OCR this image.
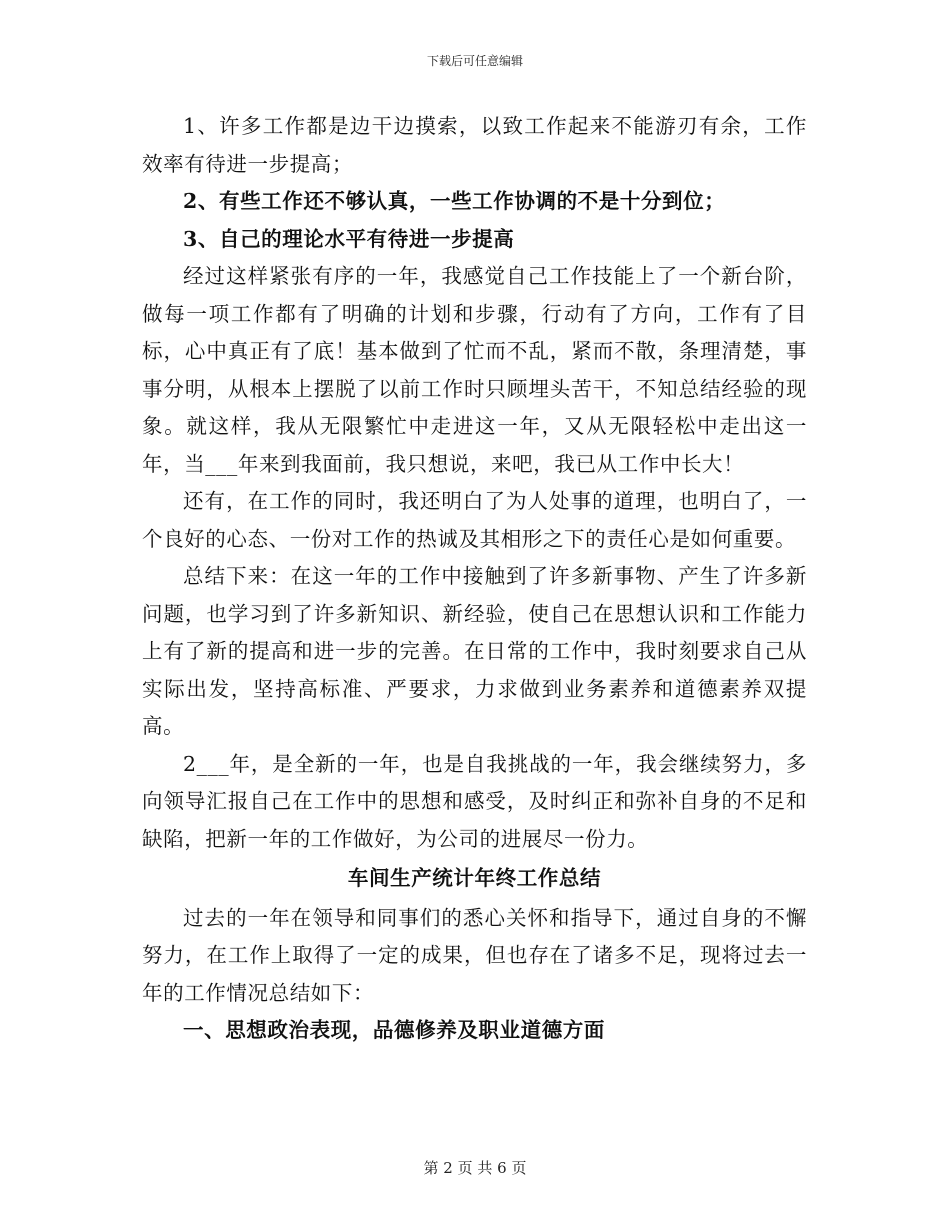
下载后可任意编辑

1、许多工作都是边干边摸索，以致工作起来不能游刃有余，工作效率有待进一步提高；

2、有些工作还不够认真，一些工作协调的不是十分到位；

3、自己的理论水平有待进一步提高

经过这样紧张有序的一年，我感觉自己工作技能上了一个新台阶，做每一项工作都有了明确的计划和步骤，行动有了方向，工作有了目标，心中真正有了底！基本做到了忙而不乱，紧而不散，条理清楚，事事分明，从根本上摆脱了以前工作时只顾埋头苦干，不知总结经验的现象。就这样，我从无限繁忙中走进这一年，又从无限轻松中走出这一年，当___年来到我面前，我只想说，来吧，我已从工作中长大！

还有，在工作的同时，我还明白了为人处事的道理，也明白了，一个良好的心态、一份对工作的热诚及其相形之下的责任心是如何重要。

总结下来：在这一年的工作中接触到了许多新事物、产生了许多新问题，也学习到了许多新知识、新经验，使自己在思想认识和工作能力上有了新的提高和进一步的完善。在日常的工作中，我时刻要求自己从实际出发，坚持高标准、严要求，力求做到业务素养和道德素养双提高。

2___年，是全新的一年，也是自我挑战的一年，我会继续努力，多向领导汇报自己在工作中的思想和感受，及时纠正和弥补自身的不足和缺陷，把新一年的工作做好，为公司的进展尽一份力。

车间生产统计年终工作总结

过去的一年在领导和同事们的悉心关怀和指导下，通过自身的不懈努力，在工作上取得了一定的成果，但也存在了诸多不足，现将过去一年的工作情况总结如下：

一、思想政治表现，品德修养及职业道德方面

第 2 页 共 6 页
